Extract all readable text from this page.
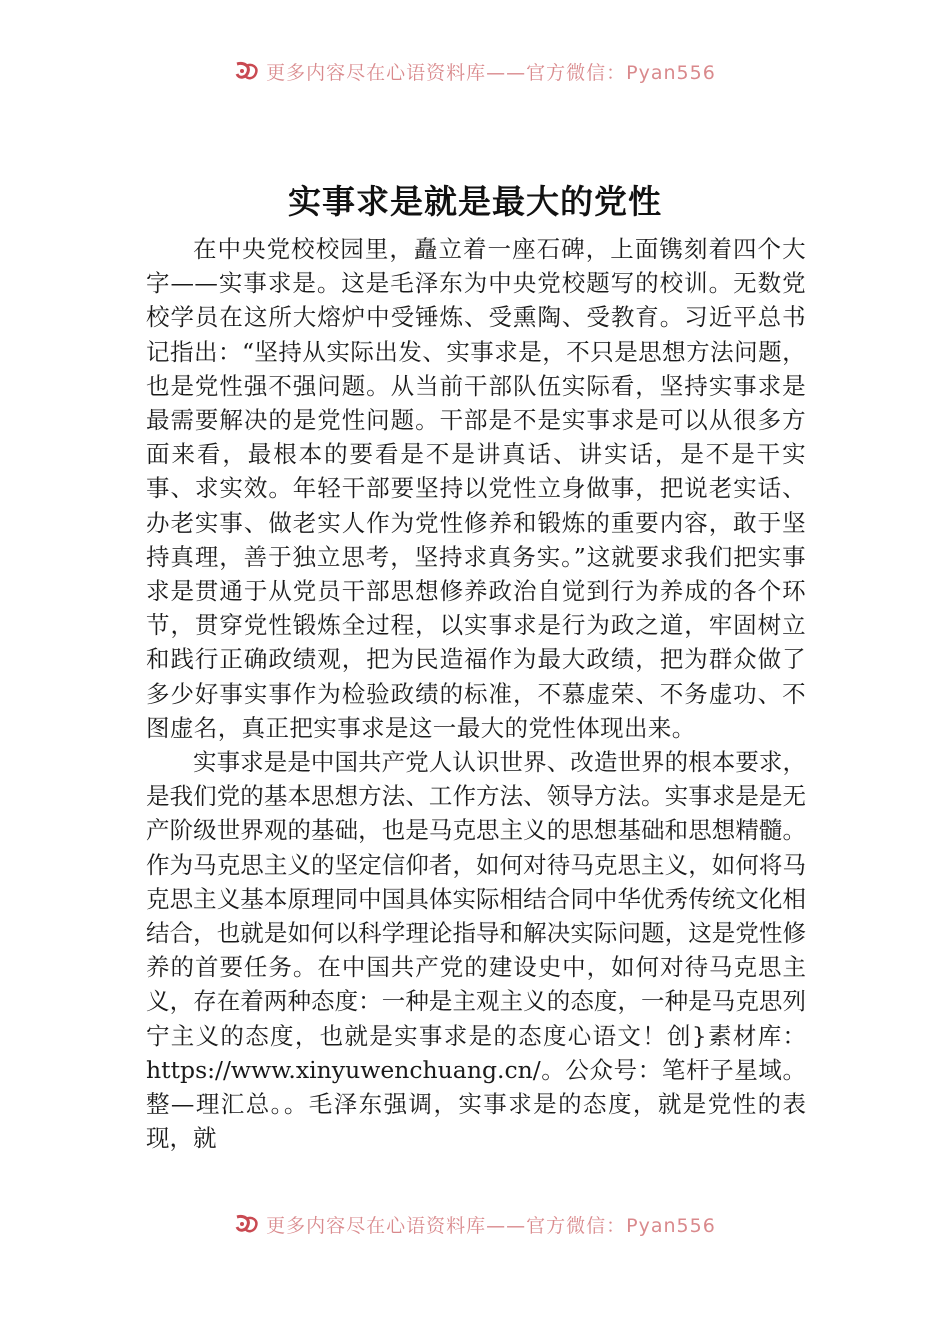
更多内容尽在心语资料库——官方微信：Pyan556
实事求是就是最大的党性

在中央党校校园里，矗立着一座石碑，上面镌刻着四个大字——实事求是。这是毛泽东为中央党校题写的校训。无数党校学员在这所大熔炉中受锤炼、受熏陶、受教育。习近平总书记指出：“坚持从实际出发、实事求是，不只是思想方法问题，也是党性强不强问题。从当前干部队伍实际看，坚持实事求是最需要解决的是党性问题。干部是不是实事求是可以从很多方面来看，最根本的要看是不是讲真话、讲实话，是不是干实事、求实效。年轻干部要坚持以党性立身做事，把说老实话、办老实事、做老实人作为党性修养和锻炼的重要内容，敢于坚持真理，善于独立思考，坚持求真务实。”这就要求我们把实事求是贯通于从党员干部思想修养政治自觉到行为养成的各个环节，贯穿党性锻炼全过程，以实事求是行为政之道，牢固树立和践行正确政绩观，把为民造福作为最大政绩，把为群众做了多少好事实事作为检验政绩的标准，不慕虚荣、不务虚功、不图虚名，真正把实事求是这一最大的党性体现出来。

实事求是是中国共产党人认识世界、改造世界的根本要求，是我们党的基本思想方法、工作方法、领导方法。实事求是是无产阶级世界观的基础，也是马克思主义的思想基础和思想精髓。作为马克思主义的坚定信仰者，如何对待马克思主义，如何将马克思主义基本原理同中国具体实际相结合同中华优秀传统文化相结合，也就是如何以科学理论指导和解决实际问题，这是党性修养的首要任务。在中国共产党的建设史中，如何对待马克思主义，存在着两种态度：一种是主观主义的态度，一种是马克思列宁主义的态度，也就是实事求是的态度心语文！创}素材库：https://www.xinyuwenchuang.cn/。公众号：笔杆子星域。整—理汇总。。毛泽东强调，实事求是的态度，就是党性的表现，就

更多内容尽在心语资料库——官方微信：Pyan556
